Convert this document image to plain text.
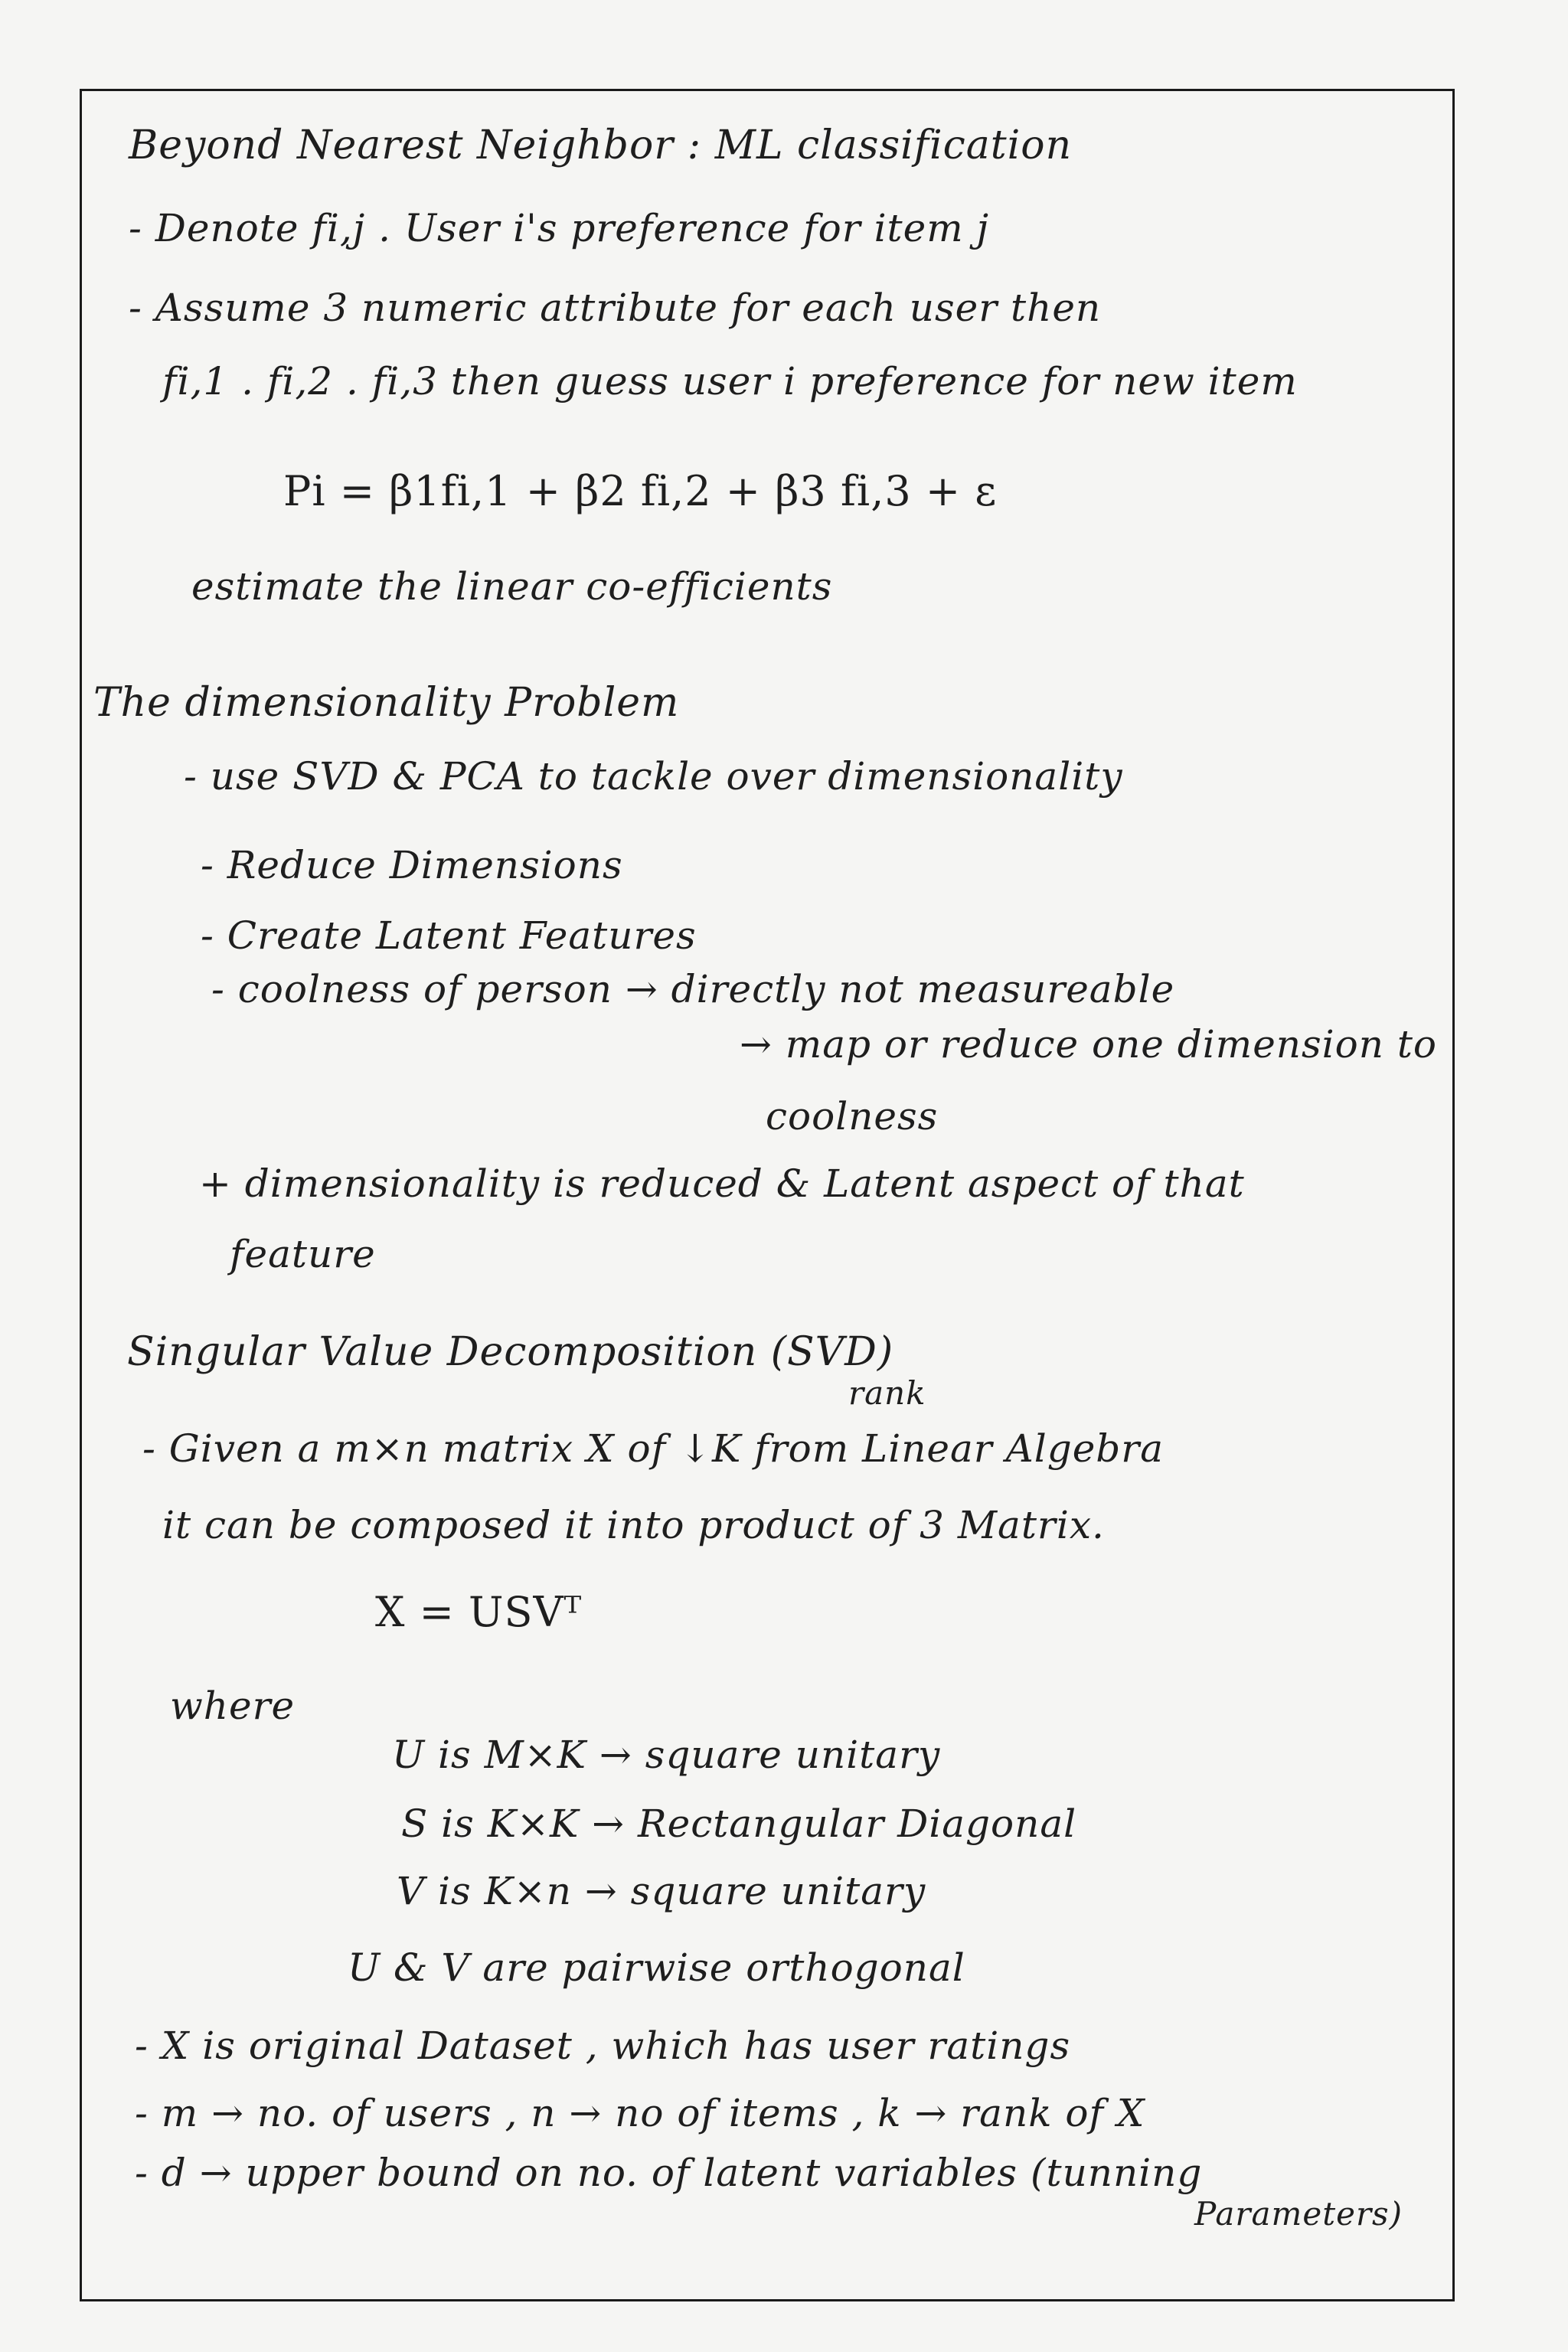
Beyond Nearest Neighbor : ML classification
- Denote fi,j . User i's preference for item j
- Assume 3 numeric attribute for each user then
fi,1 . fi,2 . fi,3 then guess user i preference for new item
Pi = β1fi,1 + β2 fi,2 + β3 fi,3 + ε
estimate the linear co-efficients
The dimensionality Problem
- use SVD & PCA to tackle over dimensionality
- Reduce Dimensions
- Create Latent Features
- coolness of person → directly not measureable
→ map or reduce one dimension to
coolness
+ dimensionality is reduced & Latent aspect of that
feature
Singular Value Decomposition (SVD)
rank
- Given a m×n matrix X of ↓K from Linear Algebra
it can be composed it into product of 3 Matrix.
X = USVᵀ
where
U is M×K → square unitary
S is K×K → Rectangular Diagonal
V is K×n → square unitary
U & V are pairwise orthogonal
- X is original Dataset , which has user ratings
- m → no. of users , n → no of items , k → rank of X
- d → upper bound on no. of latent variables (tunning
Parameters)
